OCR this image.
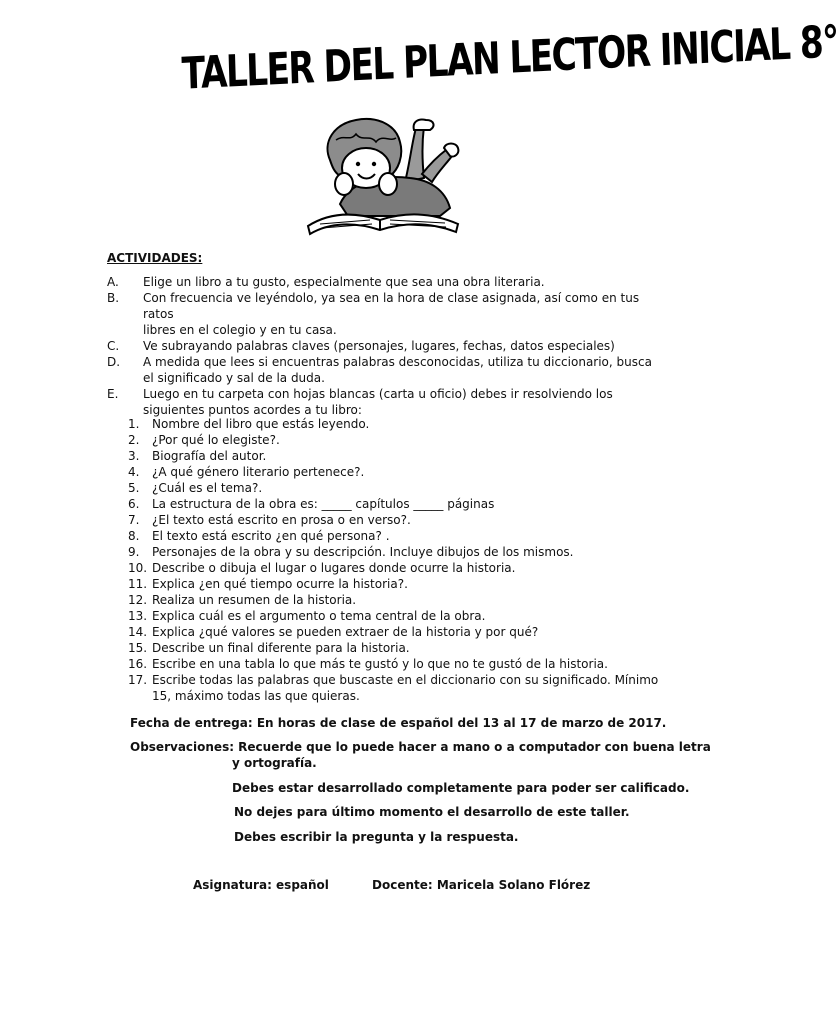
TALLER DEL PLAN LECTOR INICIAL 8°
ACTIVIDADES:
A.	Elige un libro a tu gusto, especialmente que sea una obra literaria.
B.	Con frecuencia ve leyéndolo, ya sea en la hora de clase asignada, así como en tus ratos
libres en el colegio y en tu casa.
C.	Ve subrayando palabras claves (personajes, lugares, fechas, datos especiales)
D.	A medida que lees si encuentras palabras desconocidas, utiliza tu diccionario, busca
el significado y sal de la duda.
E.	Luego en tu carpeta con hojas blancas (carta u oficio) debes ir resolviendo los
siguientes puntos acordes a tu libro:
1.	Nombre del libro que estás leyendo.
2.	¿Por qué lo elegiste?.
3.	Biografía del autor.
4.	¿A qué género literario pertenece?.
5.	¿Cuál es el tema?.
6.	La estructura de la obra es: _____ capítulos _____ páginas
7.	¿El texto está escrito en prosa o en verso?.
8.	El texto está escrito ¿en qué persona? .
9.	Personajes de la obra y su descripción. Incluye dibujos de los mismos.
10. Describe o dibuja el lugar o lugares donde ocurre la historia.
11. Explica ¿en qué tiempo ocurre la historia?.
12. Realiza un resumen de la historia.
13. Explica cuál es el argumento o tema central de la obra.
14. Explica ¿qué valores se pueden extraer de la historia y por qué?
15. Describe un final diferente para la historia.
16. Escribe en una tabla lo que más te gustó y lo que no te gustó de la historia.
17. Escribe todas las palabras que buscaste en el diccionario con su significado. Mínimo
15, máximo todas las que quieras.
Fecha de entrega: En horas de clase de español del 13 al 17 de marzo de 2017.
Observaciones: Recuerde que lo puede hacer a mano o a computador con buena letra
y ortografía.
Debes estar desarrollado completamente para poder ser calificado.
No dejes para último momento el desarrollo de este taller.
Debes escribir la pregunta y la respuesta.
Asignatura: español	Docente: Maricela Solano Flórez
